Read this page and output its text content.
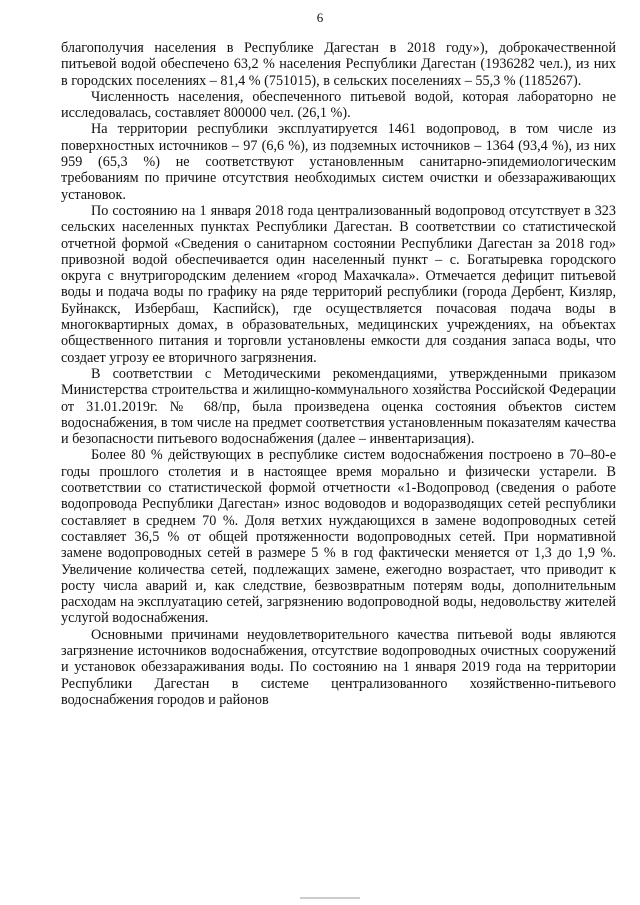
6

благополучия населения в Республике Дагестан в 2018 году»), доброкачественной питьевой водой обеспечено 63,2 % населения Республики Дагестан (1936282 чел.), из них в городских поселениях – 81,4 % (751015), в сельских поселениях – 55,3 % (1185267).

Численность населения, обеспеченного питьевой водой, которая лабораторно не исследовалась, составляет 800000 чел. (26,1 %).

На территории республики эксплуатируется 1461 водопровод, в том числе из поверхностных источников – 97 (6,6 %), из подземных источников – 1364 (93,4 %), из них 959 (65,3 %) не соответствуют установленным санитарно-эпидемиологическим требованиям по причине отсутствия необходимых систем очистки и обеззараживающих установок.

По состоянию на 1 января 2018 года централизованный водопровод отсутствует в 323 сельских населенных пунктах Республики Дагестан. В соответствии со статистической отчетной формой «Сведения о санитарном состоянии Республики Дагестан за 2018 год» привозной водой обеспечивается один населенный пункт – с. Богатыревка городского округа с внутригородским делением «город Махачкала». Отмечается дефицит питьевой воды и подача воды по графику на ряде территорий республики (города Дербент, Кизляр, Буйнакск, Избербаш, Каспийск), где осуществляется почасовая подача воды в многоквартирных домах, в образовательных, медицинских учреждениях, на объектах общественного питания и торговли установлены емкости для создания запаса воды, что создает угрозу ее вторичного загрязнения.

В соответствии с Методическими рекомендациями, утвержденными приказом Министерства строительства и жилищно-коммунального хозяйства Российской Федерации от 31.01.2019г. № 68/пр, была произведена оценка состояния объектов систем водоснабжения, в том числе на предмет соответствия установленным показателям качества и безопасности питьевого водоснабжения (далее – инвентаризация).

Более 80 % действующих в республике систем водоснабжения построено в 70–80-е годы прошлого столетия и в настоящее время морально и физически устарели. В соответствии со статистической формой отчетности «1-Водопровод (сведения о работе водопровода Республики Дагестан» износ водоводов и водоразводящих сетей республики составляет в среднем 70 %. Доля ветхих нуждающихся в замене водопроводных сетей составляет 36,5 % от общей протяженности водопроводных сетей. При нормативной замене водопроводных сетей в размере 5 % в год фактически меняется от 1,3 до 1,9 %. Увеличение количества сетей, подлежащих замене, ежегодно возрастает, что приводит к росту числа аварий и, как следствие, безвозвратным потерям воды, дополнительным расходам на эксплуатацию сетей, загрязнению водопроводной воды, недовольству жителей услугой водоснабжения.

Основными причинами неудовлетворительного качества питьевой воды являются загрязнение источников водоснабжения, отсутствие водопроводных очистных сооружений и установок обеззараживания воды. По состоянию на 1 января 2019 года на территории Республики Дагестан в системе централизованного хозяйственно-питьевого водоснабжения городов и районов
